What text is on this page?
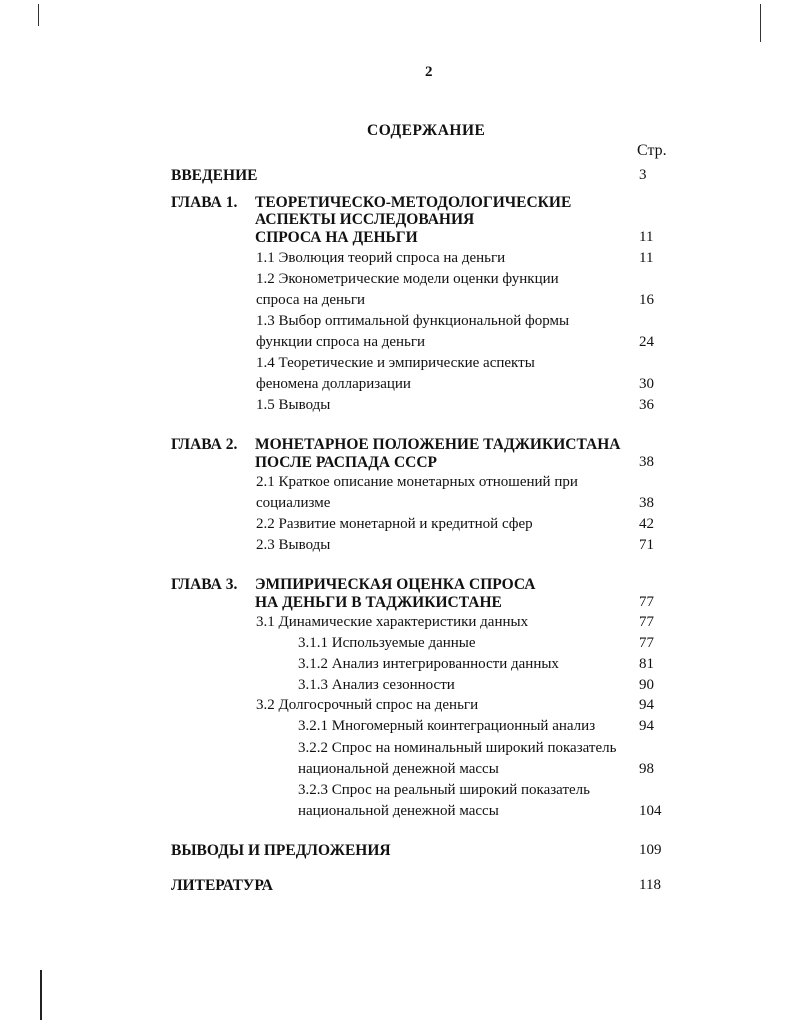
2
СОДЕРЖАНИЕ
Стр.
ВВЕДЕНИЕ	3
ГЛАВА 1. ТЕОРЕТИЧЕСКО-МЕТОДОЛОГИЧЕСКИЕ
АСПЕКТЫ ИССЛЕДОВАНИЯ
СПРОСА НА ДЕНЬГИ	11
1.1 Эволюция теорий спроса на деньги	11
1.2 Эконометрические модели оценки функции
спроса на деньги	16
1.3 Выбор оптимальной функциональной формы
функции спроса на деньги	24
1.4 Теоретические и эмпирические аспекты
феномена долларизации	30
1.5 Выводы	36
ГЛАВА 2. МОНЕТАРНОЕ ПОЛОЖЕНИЕ ТАДЖИКИСТАНА
ПОСЛЕ РАСПАДА СССР	38
2.1 Краткое описание монетарных отношений при
социализме	38
2.2 Развитие монетарной и кредитной сфер	42
2.3 Выводы	71
ГЛАВА 3. ЭМПИРИЧЕСКАЯ ОЦЕНКА СПРОСА
НА ДЕНЬГИ В ТАДЖИКИСТАНЕ	77
3.1 Динамические характеристики данных	77
3.1.1 Используемые данные	77
3.1.2 Анализ интегрированности данных	81
3.1.3 Анализ сезонности	90
3.2 Долгосрочный спрос на деньги	94
3.2.1 Многомерный коинтеграционный анализ	94
3.2.2 Спрос на номинальный широкий показатель
национальной денежной массы	98
3.2.3 Спрос на реальный широкий показатель
национальной денежной массы	104
ВЫВОДЫ И ПРЕДЛОЖЕНИЯ	109
ЛИТЕРАТУРА	118
